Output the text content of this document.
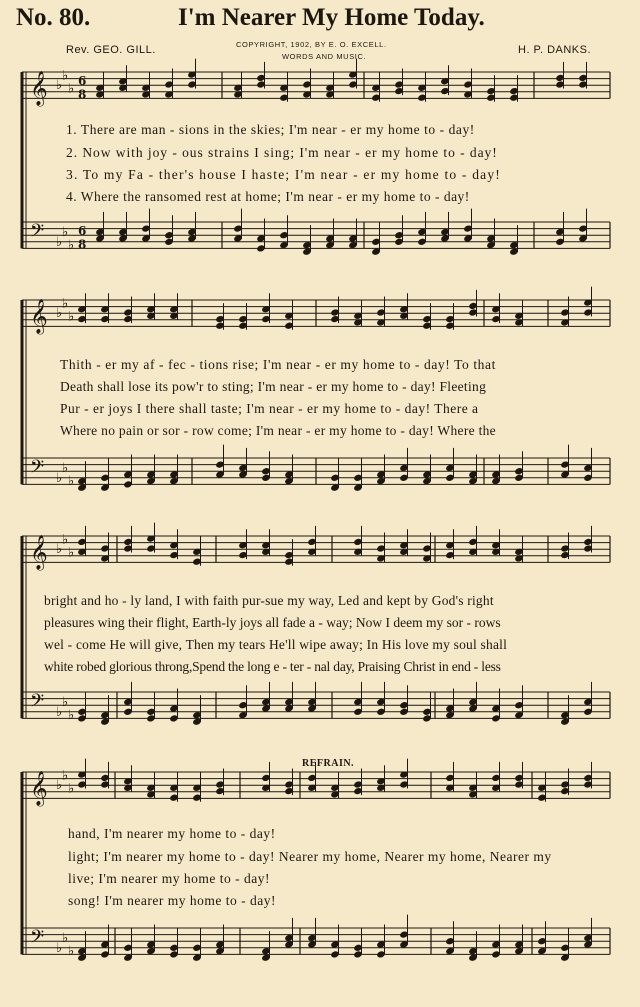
No. 80.	I'm Nearer My Home Today.
Rev. GEO. GILL.	COPYRIGHT, 1902, BY E. O. EXCELL.
WORDS AND MUSIC.
H. P. DANKS.
REFRAIN.
1. There are man - sions in the skies; I'm near - er my home to - day!
2. Now with joy - ous strains I sing; I'm near - er my home to - day!
3. To my Fa - ther's house I haste; I'm near - er my home to - day!
4. Where the ransomed rest at home; I'm near - er my home to - day!
Thith - er my af - fec - tions rise; I'm near - er my home to - day! To that
Death shall lose its pow'r to sting; I'm near - er my home to - day! Fleeting
Pur - er joys I there shall taste; I'm near - er my home to - day! There a
Where no pain or sor - row come; I'm near - er my home to - day! Where the
bright and ho - ly land, I with faith pur-sue my way, Led and kept by God's right
pleasures wing their flight, Earth-ly joys all fade a - way; Now I deem my sor - rows
wel - come He will give, Then my tears He'll wipe away; In His love my soul shall
white robed glorious throng,Spend the long e - ter - nal day, Praising Christ in end - less
hand, I'm nearer my home to - day!
light; I'm nearer my home to - day! Nearer my home, Nearer my home, Nearer my
live; I'm nearer my home to - day!
song! I'm nearer my home to - day!
𝄞 ♭
♭
♭
6
8
𝄢 ♭
♭
♭
6
8
𝄞 ♭
♭
♭
𝄢 ♭
♭
♭
𝄞 ♭
♭
♭
𝄢 ♭
♭
♭
𝄞 ♭
♭
♭
𝄢 ♭
♭
♭
